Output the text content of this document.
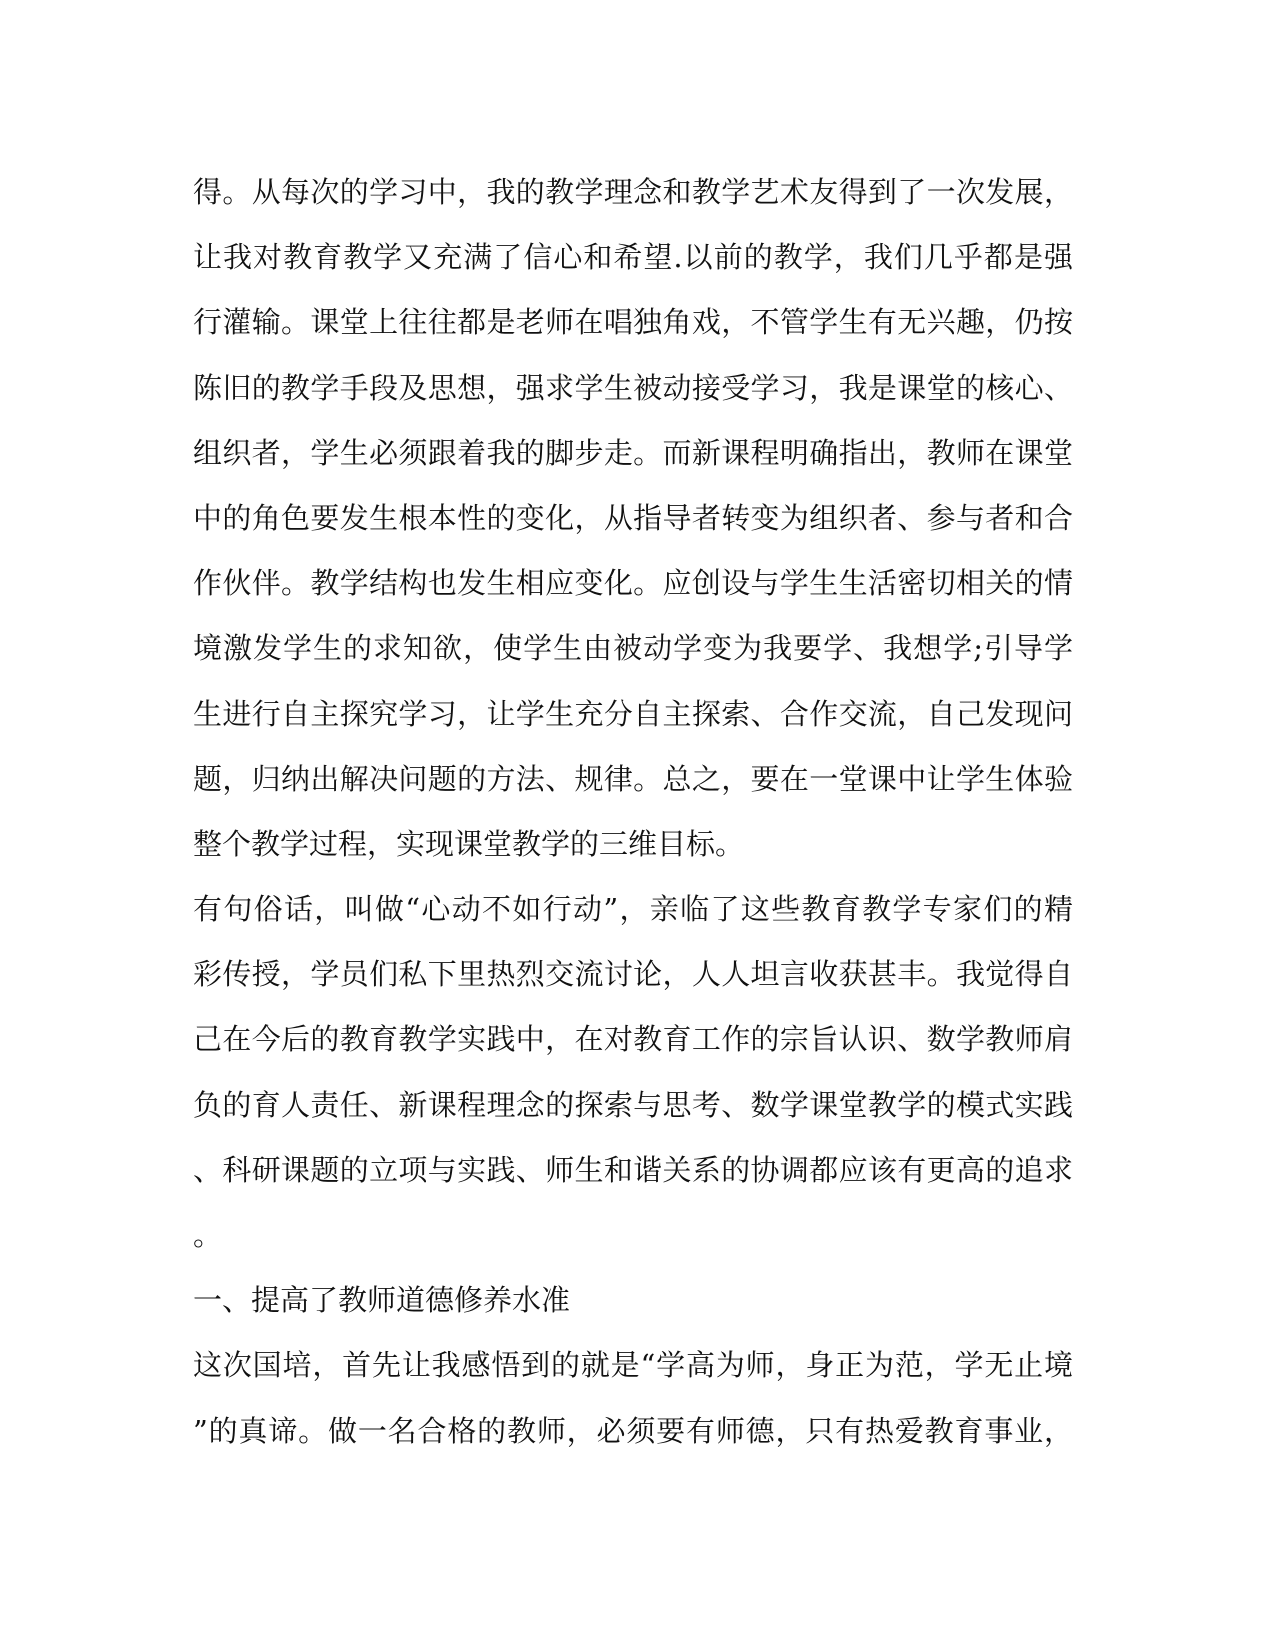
得。从每次的学习中，我的教学理念和教学艺术友得到了一次发展，
让我对教育教学又充满了信心和希望.以前的教学，我们几乎都是强
行灌输。课堂上往往都是老师在唱独角戏，不管学生有无兴趣，仍按
陈旧的教学手段及思想，强求学生被动接受学习，我是课堂的核心、
组织者，学生必须跟着我的脚步走。而新课程明确指出，教师在课堂
中的角色要发生根本性的变化，从指导者转变为组织者、参与者和合
作伙伴。教学结构也发生相应变化。应创设与学生生活密切相关的情
境激发学生的求知欲，使学生由被动学变为我要学、我想学;引导学
生进行自主探究学习，让学生充分自主探索、合作交流，自己发现问
题，归纳出解决问题的方法、规律。总之，要在一堂课中让学生体验
整个教学过程，实现课堂教学的三维目标。
有句俗话，叫做“心动不如行动”，亲临了这些教育教学专家们的精
彩传授，学员们私下里热烈交流讨论，人人坦言收获甚丰。我觉得自
己在今后的教育教学实践中，在对教育工作的宗旨认识、数学教师肩
负的育人责任、新课程理念的探索与思考、数学课堂教学的模式实践
、科研课题的立项与实践、师生和谐关系的协调都应该有更高的追求
。
一、提高了教师道德修养水准
这次国培，首先让我感悟到的就是“学高为师，身正为范，学无止境
”的真谛。做一名合格的教师，必须要有师德，只有热爱教育事业，
